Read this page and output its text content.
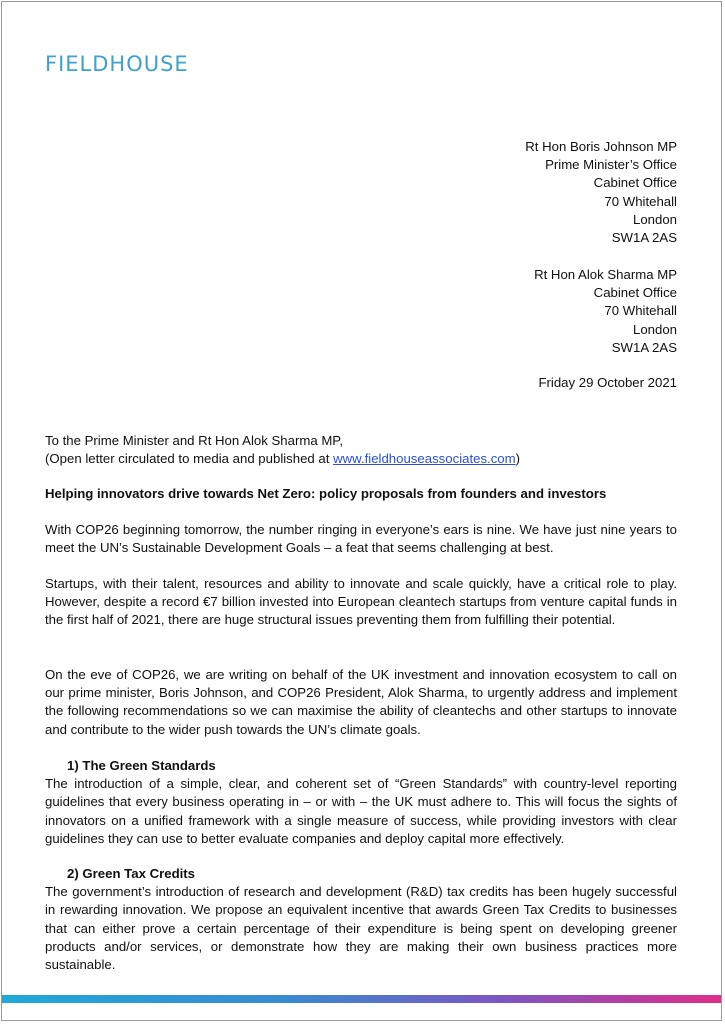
FIELDHOUSE
Rt Hon Boris Johnson MP
Prime Minister’s Office
Cabinet Office
70 Whitehall
London
SW1A 2AS
Rt Hon Alok Sharma MP
Cabinet Office
70 Whitehall
London
SW1A 2AS
Friday 29 October 2021
To the Prime Minister and Rt Hon Alok Sharma MP,
(Open letter circulated to media and published at www.fieldhouseassociates.com)
Helping innovators drive towards Net Zero: policy proposals from founders and investors
With COP26 beginning tomorrow, the number ringing in everyone’s ears is nine. We have just nine years to meet the UN’s Sustainable Development Goals – a feat that seems challenging at best.
Startups, with their talent, resources and ability to innovate and scale quickly, have a critical role to play. However, despite a record €7 billion invested into European cleantech startups from venture capital funds in the first half of 2021, there are huge structural issues preventing them from fulfilling their potential.
On the eve of COP26, we are writing on behalf of the UK investment and innovation ecosystem to call on our prime minister, Boris Johnson, and COP26 President, Alok Sharma, to urgently address and implement the following recommendations so we can maximise the ability of cleantechs and other startups to innovate and contribute to the wider push towards the UN’s climate goals.
1) The Green Standards
The introduction of a simple, clear, and coherent set of “Green Standards” with country-level reporting guidelines that every business operating in – or with – the UK must adhere to. This will focus the sights of innovators on a unified framework with a single measure of success, while providing investors with clear guidelines they can use to better evaluate companies and deploy capital more effectively.
2) Green Tax Credits
The government’s introduction of research and development (R&D) tax credits has been hugely successful in rewarding innovation. We propose an equivalent incentive that awards Green Tax Credits to businesses that can either prove a certain percentage of their expenditure is being spent on developing greener products and/or services, or demonstrate how they are making their own business practices more sustainable.
